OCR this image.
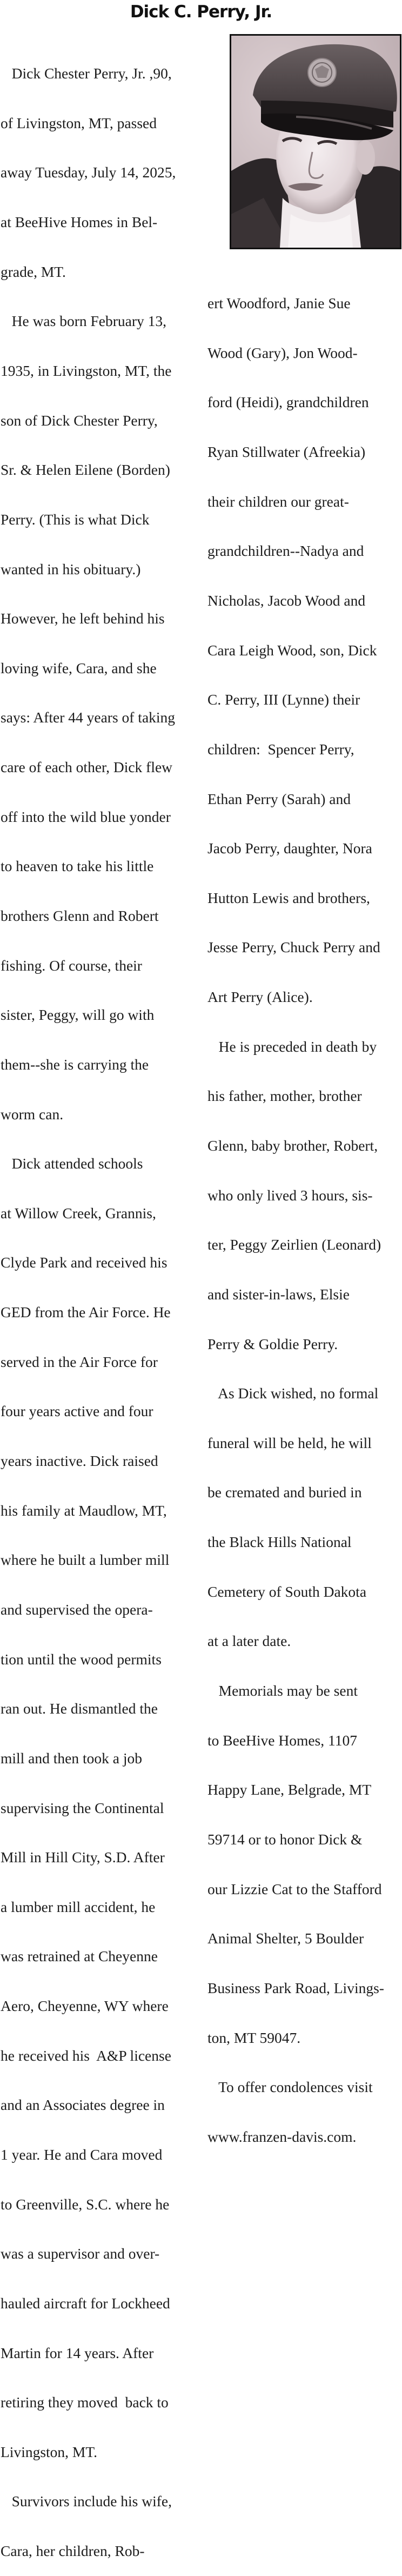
Dick C. Perry, Jr.

Dick Chester Perry, Jr. ,90,

of Livingston, MT, passed

away Tuesday, July 14, 2025,

at BeeHive Homes in Bel-

grade, MT.

He was born February 13,

1935, in Livingston, MT, the

son of Dick Chester Perry,

Sr. & Helen Eilene (Borden)

Perry. (This is what Dick

wanted in his obituary.)

However, he left behind his

loving wife, Cara, and she

says: After 44 years of taking

care of each other, Dick flew

off into the wild blue yonder

to heaven to take his little

brothers Glenn and Robert

fishing. Of course, their

sister, Peggy, will go with

them--she is carrying the

worm can.

Dick attended schools

at Willow Creek, Grannis,

Clyde Park and received his

GED from the Air Force. He

served in the Air Force for

four years active and four

years inactive. Dick raised

his family at Maudlow, MT,

where he built a lumber mill

and supervised the opera-

tion until the wood permits

ran out. He dismantled the

mill and then took a job

supervising the Continental

Mill in Hill City, S.D. After

a lumber mill accident, he

was retrained at Cheyenne

Aero, Cheyenne, WY where

he received his  A&P license

and an Associates degree in

1 year. He and Cara moved

to Greenville, S.C. where he

was a supervisor and over-

hauled aircraft for Lockheed

Martin for 14 years. After

retiring they moved  back to

Livingston, MT.

Survivors include his wife,

Cara, her children, Rob-

ert Woodford, Janie Sue

Wood (Gary), Jon Wood-

ford (Heidi), grandchildren

Ryan Stillwater (Afreekia)

their children our great-

grandchildren--Nadya and

Nicholas, Jacob Wood and

Cara Leigh Wood, son, Dick

C. Perry, III (Lynne) their

children:  Spencer Perry,

Ethan Perry (Sarah) and

Jacob Perry, daughter, Nora

Hutton Lewis and brothers,

Jesse Perry, Chuck Perry and

Art Perry (Alice).

He is preceded in death by

his father, mother, brother

Glenn, baby brother, Robert,

who only lived 3 hours, sis-

ter, Peggy Zeirlien (Leonard)

and sister-in-laws, Elsie

Perry & Goldie Perry.

As Dick wished, no formal

funeral will be held, he will

be cremated and buried in

the Black Hills National

Cemetery of South Dakota

at a later date.

Memorials may be sent

to BeeHive Homes, 1107

Happy Lane, Belgrade, MT

59714 or to honor Dick &

our Lizzie Cat to the Stafford

Animal Shelter, 5 Boulder

Business Park Road, Livings-

ton, MT 59047.

To offer condolences visit

www.franzen-davis.com.
